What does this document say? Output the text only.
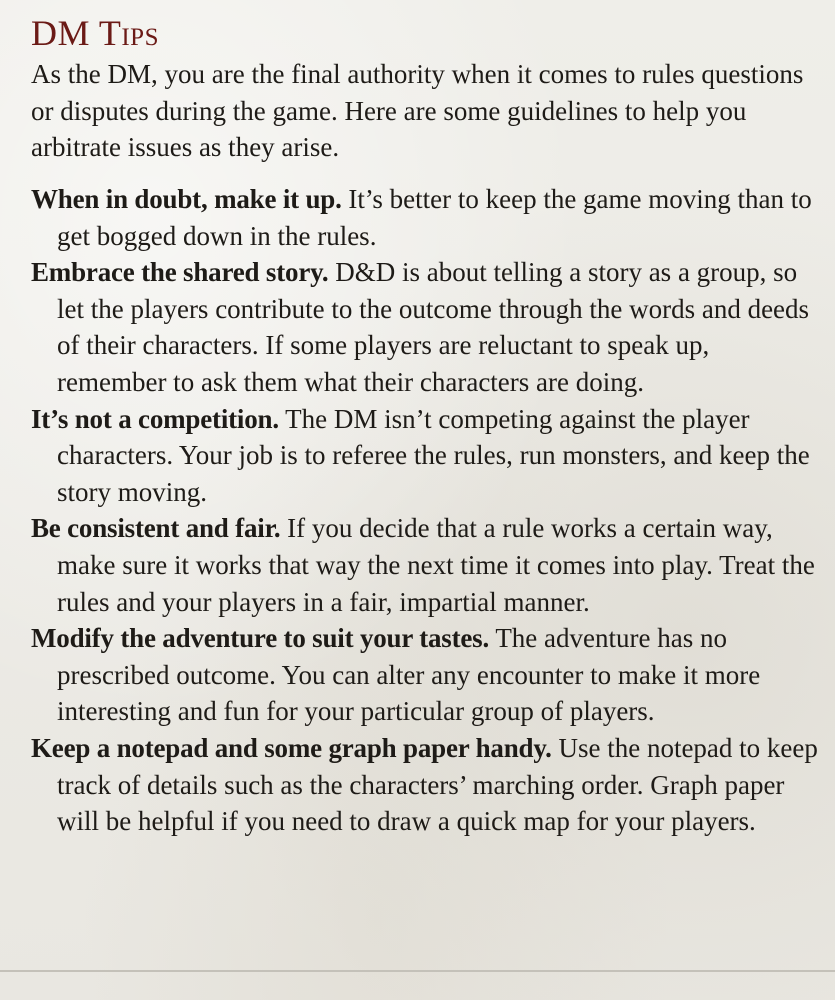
DM Tips

As the DM, you are the final authority when it comes to rules questions or disputes during the game. Here are some guidelines to help you arbitrate issues as they arise.

When in doubt, make it up. It’s better to keep the game moving than to get bogged down in the rules.
Embrace the shared story. D&D is about telling a story as a group, so let the players contribute to the outcome through the words and deeds of their characters. If some players are reluctant to speak up, remember to ask them what their characters are doing.
It’s not a competition. The DM isn’t competing against the player characters. Your job is to referee the rules, run monsters, and keep the story moving.
Be consistent and fair. If you decide that a rule works a certain way, make sure it works that way the next time it comes into play. Treat the rules and your players in a fair, impartial manner.
Modify the adventure to suit your tastes. The adventure has no prescribed outcome. You can alter any encounter to make it more interesting and fun for your particular group of players.
Keep a notepad and some graph paper handy. Use the notepad to keep track of details such as the characters’ marching order. Graph paper will be helpful if you need to draw a quick map for your players.
